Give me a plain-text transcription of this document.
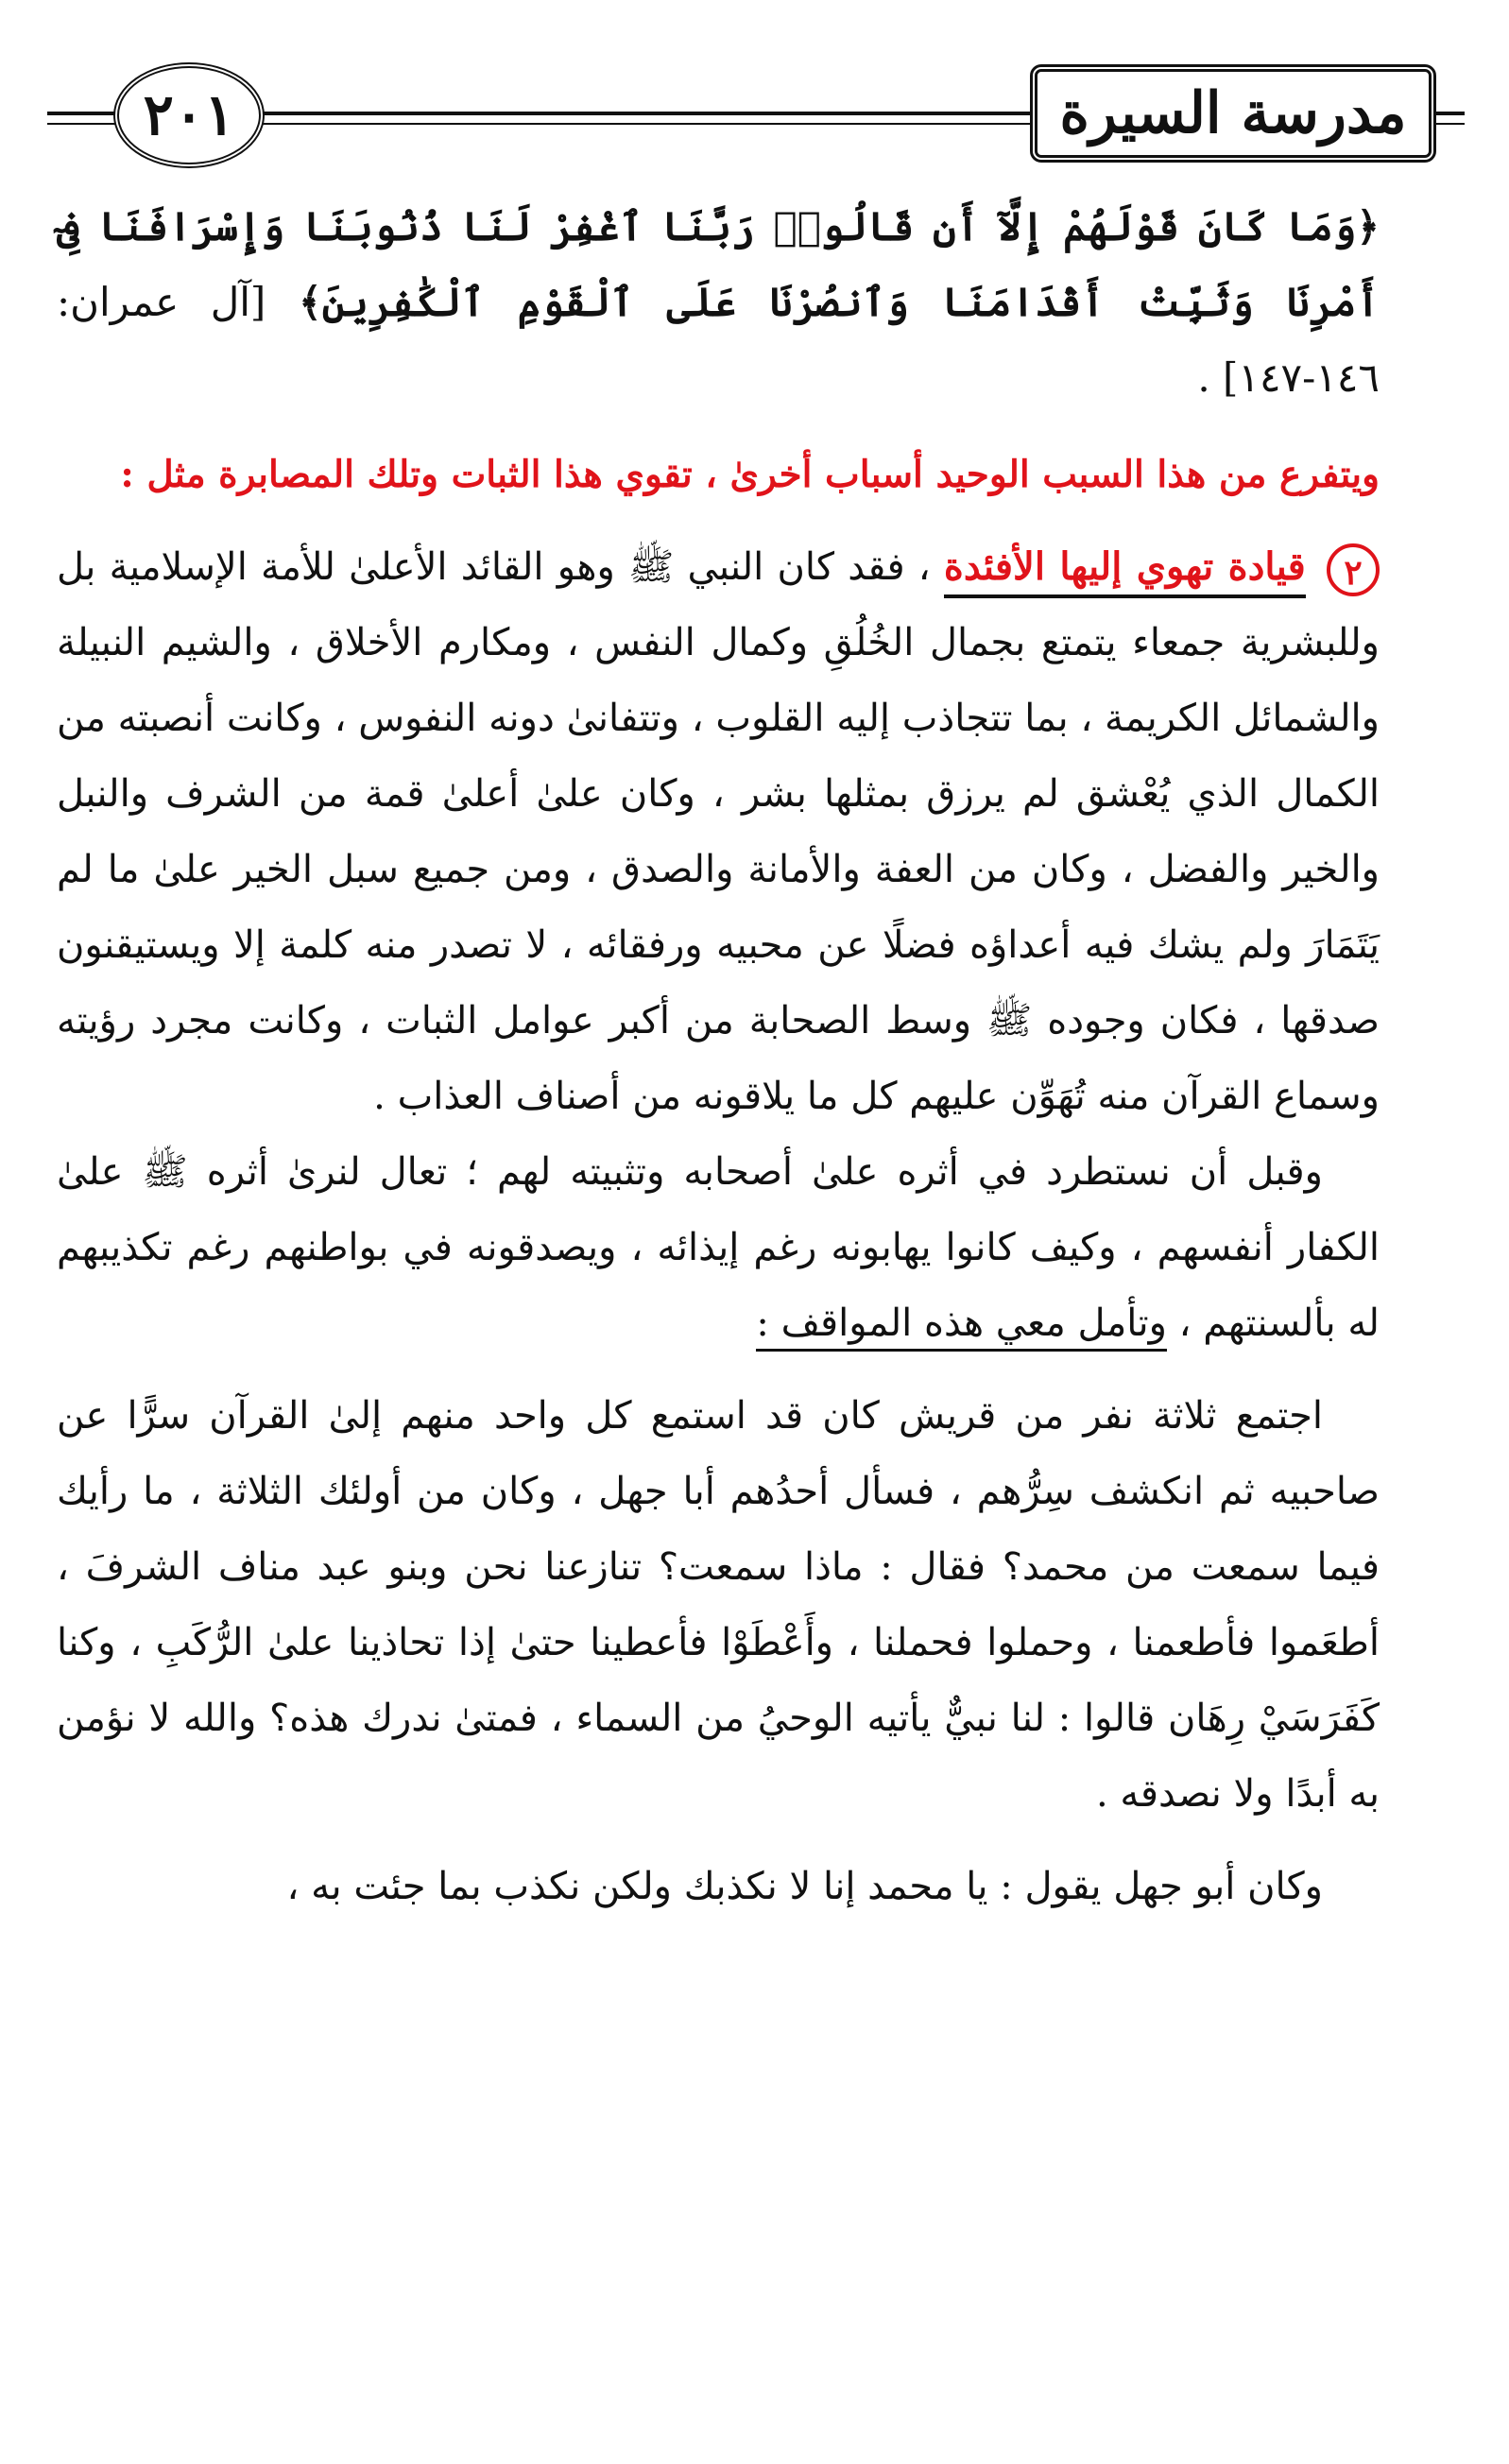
٢٠١	مدرسة السيرة

﴿وَمَا كَانَ قَوْلَهُمْ إِلَّآ أَن قَالُوا۟ رَبَّنَا ٱغْفِرْ لَنَا ذُنُوبَنَا وَإِسْرَافَنَا فِىٓ أَمْرِنَا وَثَبِّتْ أَقْدَامَنَا وَٱنصُرْنَا عَلَى ٱلْقَوْمِ ٱلْكَٰفِرِينَ﴾ [آل عمران: ١٤٦-١٤٧] .

ويتفرع من هذا السبب الوحيد أسباب أخرىٰ ، تقوي هذا الثبات وتلك المصابرة مثل :

٢ قيادة تهوي إليها الأفئدة ، فقد كان النبي ﷺ وهو القائد الأعلىٰ للأمة الإسلامية بل وللبشرية جمعاء يتمتع بجمال الخُلُقِ وكمال النفس ، ومكارم الأخلاق ، والشيم النبيلة والشمائل الكريمة ، بما تتجاذب إليه القلوب ، وتتفانىٰ دونه النفوس ، وكانت أنصبته من الكمال الذي يُعْشق لم يرزق بمثلها بشر ، وكان علىٰ أعلىٰ قمة من الشرف والنبل والخير والفضل ، وكان من العفة والأمانة والصدق ، ومن جميع سبل الخير علىٰ ما لم يَتَمَارَ ولم يشك فيه أعداؤه فضلًا عن محبيه ورفقائه ، لا تصدر منه كلمة إلا ويستيقنون صدقها ، فكان وجوده ﷺ وسط الصحابة من أكبر عوامل الثبات ، وكانت مجرد رؤيته وسماع القرآن منه تُهَوِّن عليهم كل ما يلاقونه من أصناف العذاب .

وقبل أن نستطرد في أثره علىٰ أصحابه وتثبيته لهم ؛ تعال لنرىٰ أثره ﷺ علىٰ الكفار أنفسهم ، وكيف كانوا يهابونه رغم إيذائه ، ويصدقونه في بواطنهم رغم تكذيبهم له بألسنتهم ، وتأمل معي هذه المواقف :

اجتمع ثلاثة نفر من قريش كان قد استمع كل واحد منهم إلىٰ القرآن سرًّا عن صاحبيه ثم انكشف سِرُّهم ، فسأل أحدُهم أبا جهل ، وكان من أولئك الثلاثة ، ما رأيك فيما سمعت من محمد؟ فقال : ماذا سمعت؟ تنازعنا نحن وبنو عبد مناف الشرفَ ، أطعَموا فأطعمنا ، وحملوا فحملنا ، وأَعْطَوْا فأعطينا حتىٰ إذا تحاذينا علىٰ الرُّكَبِ ، وكنا كَفَرَسَيْ رِهَان قالوا : لنا نبيٌّ يأتيه الوحيُ من السماء ، فمتىٰ ندرك هذه؟ والله لا نؤمن به أبدًا ولا نصدقه .

وكان أبو جهل يقول : يا محمد إنا لا نكذبك ولكن نكذب بما جئت به ،
